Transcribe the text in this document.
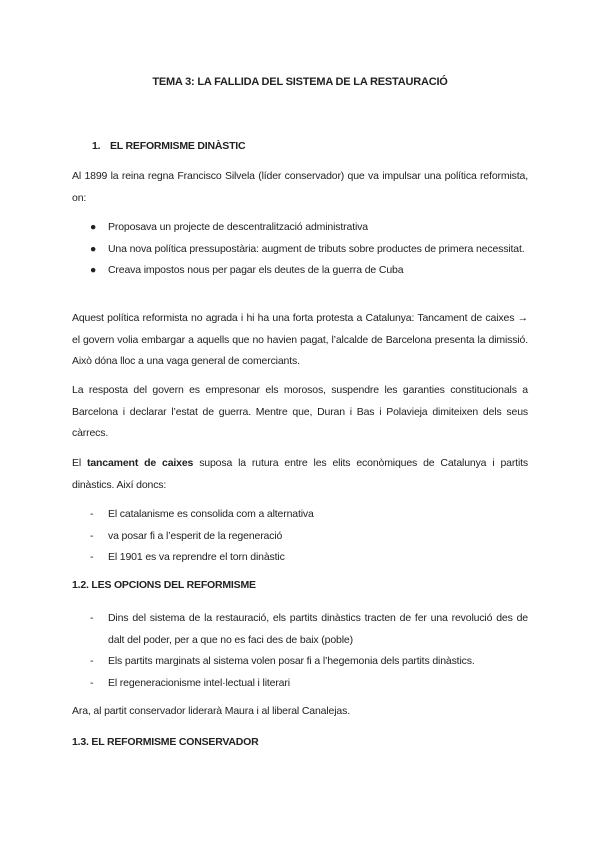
TEMA 3: LA FALLIDA DEL SISTEMA DE LA RESTAURACIÓ
1. EL REFORMISME DINÀSTIC
Al 1899 la reina regna Francisco Silvela (líder conservador) que va impulsar una política reformista, on:
● Proposava un projecte de descentralització administrativa
● Una nova política pressupostària: augment de tributs sobre productes de primera necessitat.
● Creava impostos nous per pagar els deutes de la guerra de Cuba
Aquest política reformista no agrada i hi ha una forta protesta a Catalunya: Tancament de caixes → el govern volia embargar a aquells que no havien pagat, l’alcalde de Barcelona presenta la dimissió. Això dóna lloc a una vaga general de comerciants.
La resposta del govern es empresonar els morosos, suspendre les garanties constitucionals a Barcelona i declarar l’estat de guerra. Mentre que, Duran i Bas i Polavieja dimiteixen dels seus càrrecs.
El tancament de caixes suposa la rutura entre les elits econòmiques de Catalunya i partits dinàstics. Així doncs:
- El catalanisme es consolida com a alternativa
- va posar fi a l’esperit de la regeneració
- El 1901 es va reprendre el torn dinàstic
1.2. LES OPCIONS DEL REFORMISME
- Dins del sistema de la restauració, els partits dinàstics tracten de fer una revolució des de dalt del poder, per a que no es faci des de baix (poble)
- Els partits marginats al sistema volen posar fi a l’hegemonia dels partits dinàstics.
- El regeneracionisme intel·lectual i literari
Ara, al partit conservador liderarà Maura i al liberal Canalejas.
1.3. EL REFORMISME CONSERVADOR
